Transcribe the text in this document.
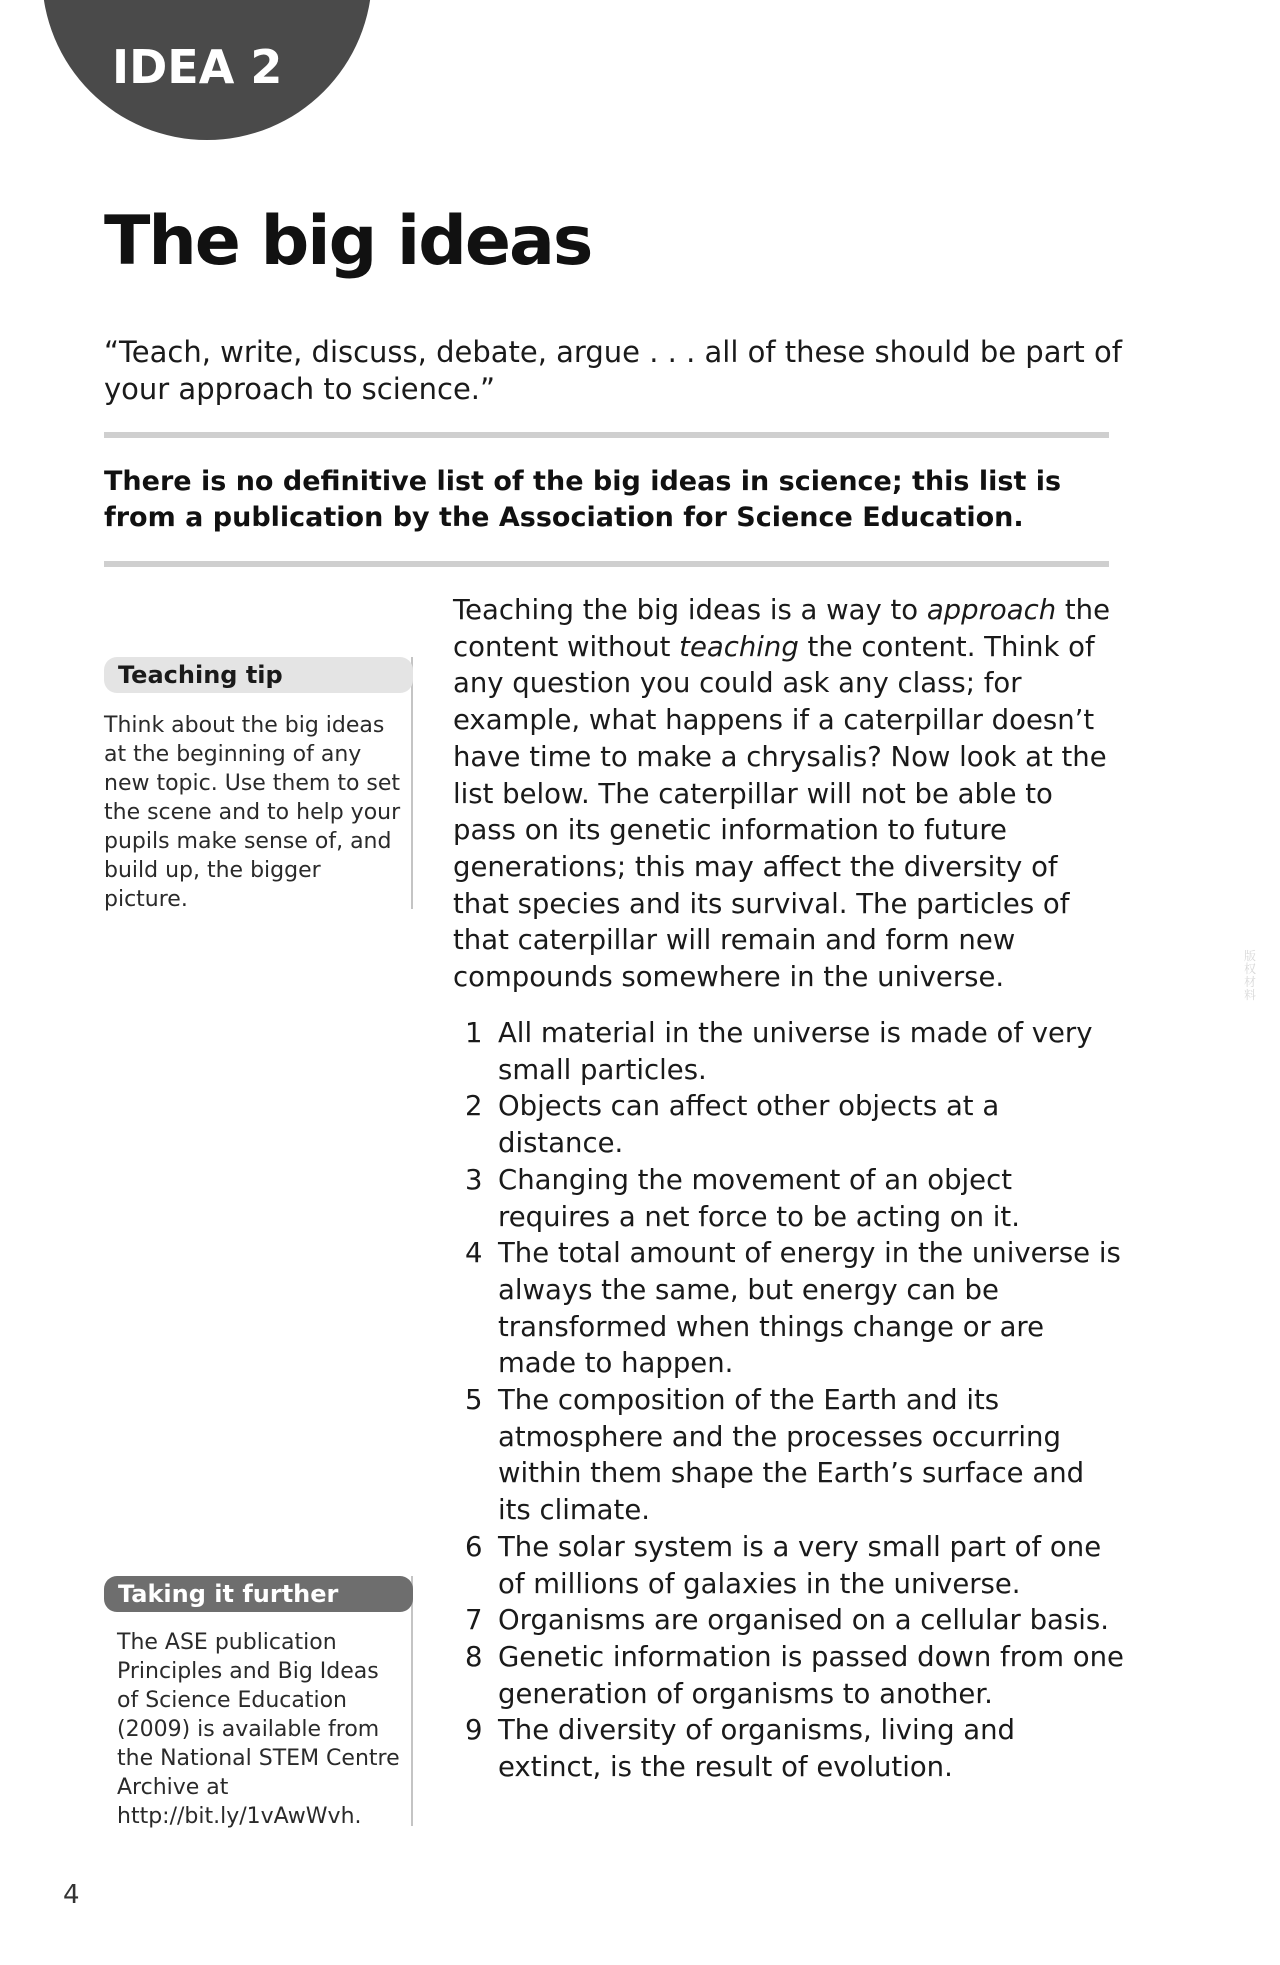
IDEA 2
The big ideas
“Teach, write, discuss, debate, argue . . . all of these should be part of your approach to science.”
There is no definitive list of the big ideas in science; this list is from a publication by the Association for Science Education.
Teaching tip
Think about the big ideas at the beginning of any new topic. Use them to set the scene and to help your pupils make sense of, and build up, the bigger picture.
Teaching the big ideas is a way to approach the content without teaching the content. Think of any question you could ask any class; for example, what happens if a caterpillar doesn’t have time to make a chrysalis? Now look at the list below. The caterpillar will not be able to pass on its genetic information to future generations; this may affect the diversity of that species and its survival. The particles of that caterpillar will remain and form new compounds somewhere in the universe.
1 All material in the universe is made of very small particles.
2 Objects can affect other objects at a distance.
3 Changing the movement of an object requires a net force to be acting on it.
4 The total amount of energy in the universe is always the same, but energy can be transformed when things change or are made to happen.
5 The composition of the Earth and its atmosphere and the processes occurring within them shape the Earth’s surface and its climate.
6 The solar system is a very small part of one of millions of galaxies in the universe.
7 Organisms are organised on a cellular basis.
8 Genetic information is passed down from one generation of organisms to another.
9 The diversity of organisms, living and extinct, is the result of evolution.
Taking it further
The ASE publication Principles and Big Ideas of Science Education (2009) is available from the National STEM Centre Archive at http://bit.ly/1vAwWvh.
4
版权材料
